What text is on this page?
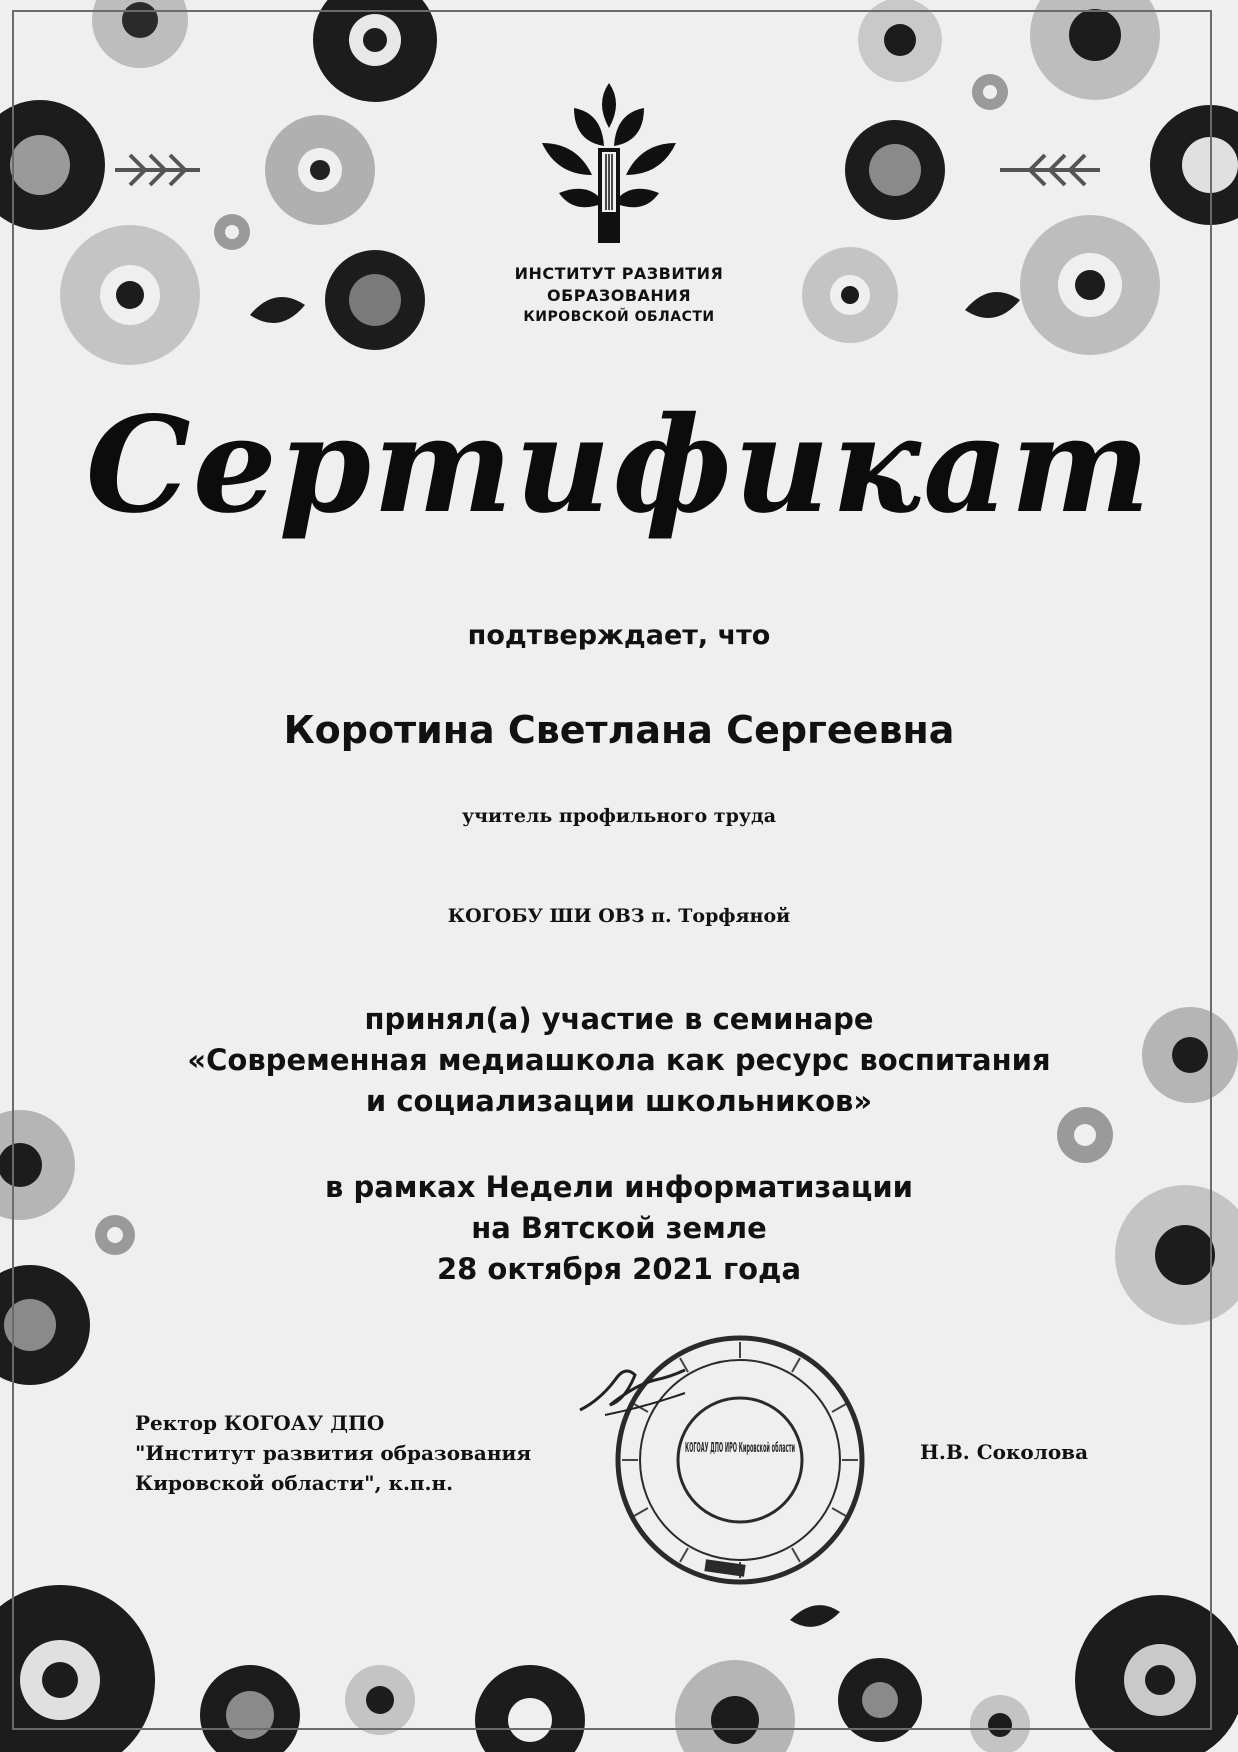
ИНСТИТУТ РАЗВИТИЯ
ОБРАЗОВАНИЯ
КИРОВСКОЙ ОБЛАСТИ
Сертификат
подтверждает, что
Коротина Светлана Сергеевна
учитель профильного труда
КОГОБУ ШИ ОВЗ п. Торфяной
принял(а) участие в семинаре
«Современная медиашкола как ресурс воспитания
и социализации школьников»
в рамках Недели информатизации
на Вятской земле
28 октября 2021 года
Ректор КОГОАУ ДПО
"Институт развития образования
Кировской области", к.п.н.
КОГОАУ ДПО ИРО Кировской области	Н.В. Соколова
